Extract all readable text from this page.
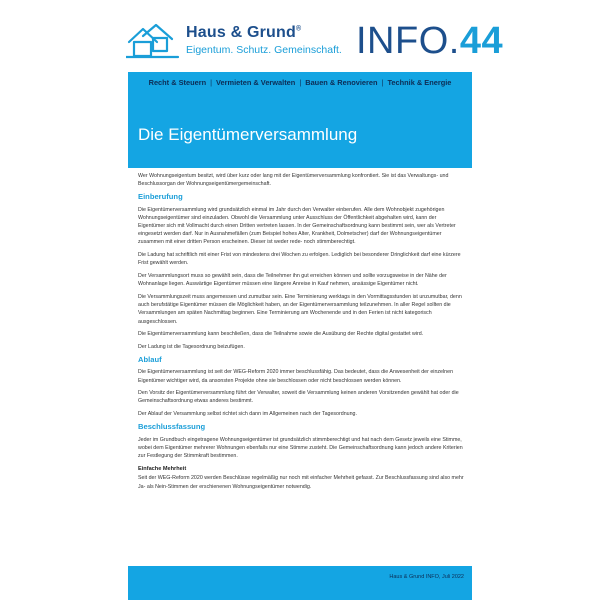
Haus & Grund®
Eigentum. Schutz. Gemeinschaft. INFO.44
Recht & Steuern | Vermieten & Verwalten | Bauen & Renovieren | Technik & Energie
Die Eigentümerversammlung

Wer Wohnungseigentum besitzt, wird über kurz oder lang mit der Eigentümerversammlung konfrontiert. Sie ist das Verwaltungs- und Beschlussorgan der Wohnungseigentümergemeinschaft.

Einberufung

Die Eigentümerversammlung wird grundsätzlich einmal im Jahr durch den Verwalter einberufen. Alle dem Wohnobjekt zugehörigen Wohnungseigentümer sind einzuladen. Obwohl die Versammlung unter Ausschluss der Öffentlichkeit abgehalten wird, kann der Eigentümer sich mit Vollmacht durch einen Dritten vertreten lassen. In der Gemeinschaftsordnung kann bestimmt sein, wer als Vertreter eingesetzt werden darf. Nur in Ausnahmefällen (zum Beispiel hohes Alter, Krankheit, Dolmetscher) darf der Wohnungseigentümer zusammen mit einer dritten Person erscheinen. Dieser ist weder rede- noch stimmberechtigt.

Die Ladung hat schriftlich mit einer Frist von mindestens drei Wochen zu erfolgen. Lediglich bei besonderer Dringlichkeit darf eine kürzere Frist gewählt werden.

Der Versammlungsort muss so gewählt sein, dass die Teilnehmer ihn gut erreichen können und sollte vorzugsweise in der Nähe der Wohnanlage liegen. Auswärtige Eigentümer müssen eine längere Anreise in Kauf nehmen, ansässige Eigentümer nicht.

Die Versammlungszeit muss angemessen und zumutbar sein. Eine Terminierung werktags in den Vormittagsstunden ist unzumutbar, denn auch berufstätige Eigentümer müssen die Möglichkeit haben, an der Eigentümerversammlung teilzunehmen. In aller Regel sollten die Versammlungen am späten Nachmittag beginnen. Eine Terminierung am Wochenende und in den Ferien ist nicht kategorisch ausgeschlossen.

Die Eigentümerversammlung kann beschließen, dass die Teilnahme sowie die Ausübung der Rechte digital gestattet wird.

Der Ladung ist die Tagesordnung beizufügen.

Ablauf

Die Eigentümerversammlung ist seit der WEG-Reform 2020 immer beschlussfähig. Das bedeutet, dass die Anwesenheit der einzelnen Eigentümer wichtiger wird, da ansonsten Projekte ohne sie beschlossen oder nicht beschlossen werden können.

Den Vorsitz der Eigentümerversammlung führt der Verwalter, soweit die Versammlung keinen anderen Vorsitzenden gewählt hat oder die Gemeinschaftsordnung etwas anderes bestimmt.

Der Ablauf der Versammlung selbst richtet sich dann im Allgemeinen nach der Tagesordnung.

Beschlussfassung

Jeder im Grundbuch eingetragene Wohnungseigentümer ist grundsätzlich stimmberechtigt und hat nach dem Gesetz jeweils eine Stimme, wobei dem Eigentümer mehrerer Wohnungen ebenfalls nur eine Stimme zusteht. Die Gemeinschaftsordnung kann jedoch andere Kriterien zur Festlegung der Stimmkraft bestimmen.

Einfache Mehrheit

Seit der WEG-Reform 2020 werden Beschlüsse regelmäßig nur noch mit einfacher Mehrheit gefasst. Zur Beschlussfassung sind also mehr Ja- als Nein-Stimmen der erschienenen Wohnungseigentümer notwendig.

Haus & Grund INFO, Juli 2022
